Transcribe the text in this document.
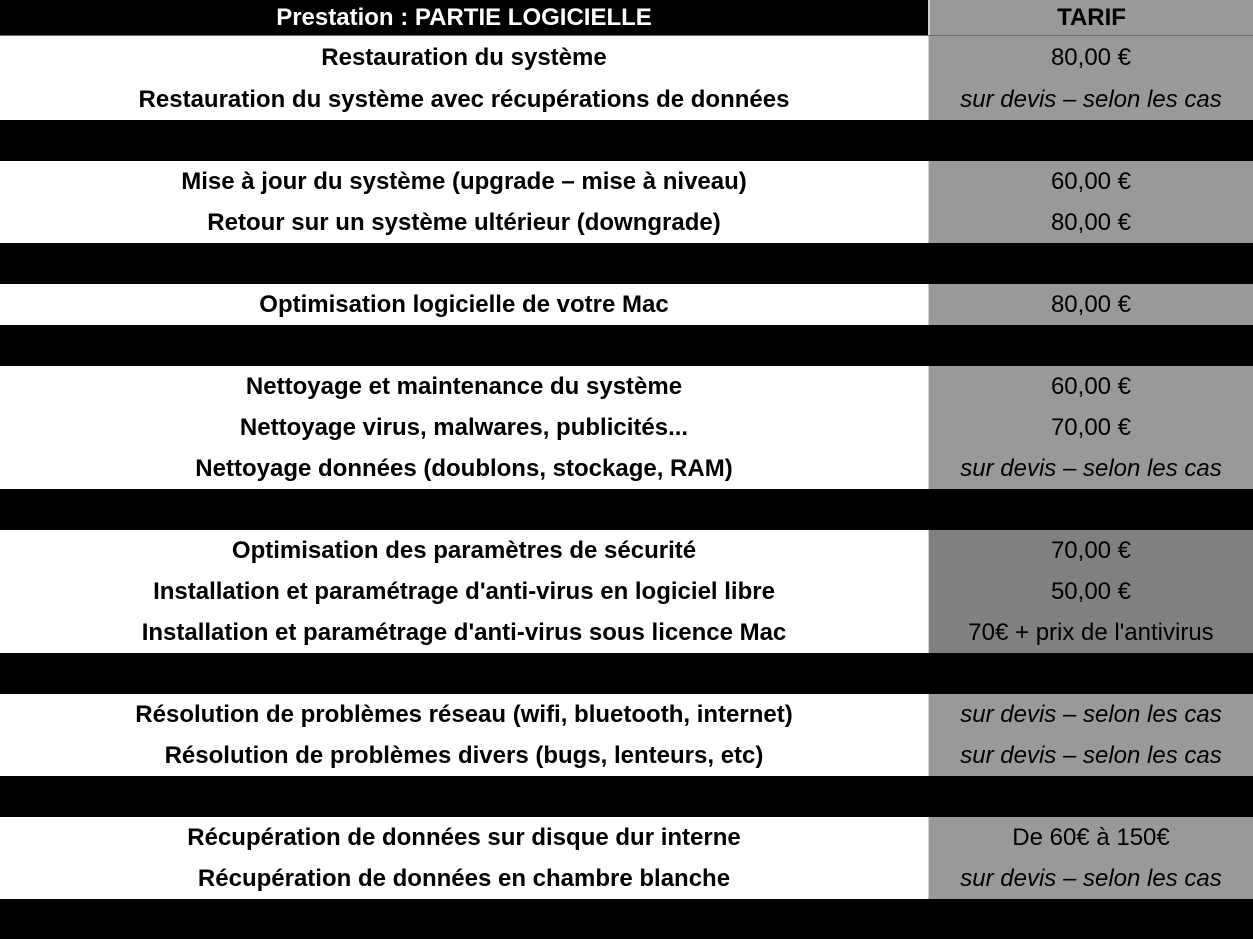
Prestation : PARTIE LOGICIELLE	TARIF
Restauration du système	80,00 €
Restauration du système avec récupérations de données	sur devis – selon les cas
Mise à jour du système (upgrade – mise à niveau)	60,00 €
Retour sur un système ultérieur (downgrade)	80,00 €
Optimisation logicielle de votre Mac	80,00 €
Nettoyage et maintenance du système	60,00 €
Nettoyage virus, malwares, publicités...	70,00 €
Nettoyage données (doublons, stockage, RAM)	sur devis – selon les cas
Optimisation des paramètres de sécurité	70,00 €
Installation et paramétrage d'anti-virus en logiciel libre	50,00 €
Installation et paramétrage d'anti-virus sous licence Mac	70€ + prix de l'antivirus
Résolution de problèmes réseau (wifi, bluetooth, internet)	sur devis – selon les cas
Résolution de problèmes divers (bugs, lenteurs, etc)	sur devis – selon les cas
Récupération de données sur disque dur interne	De 60€ à 150€
Récupération de données en chambre blanche	sur devis – selon les cas
